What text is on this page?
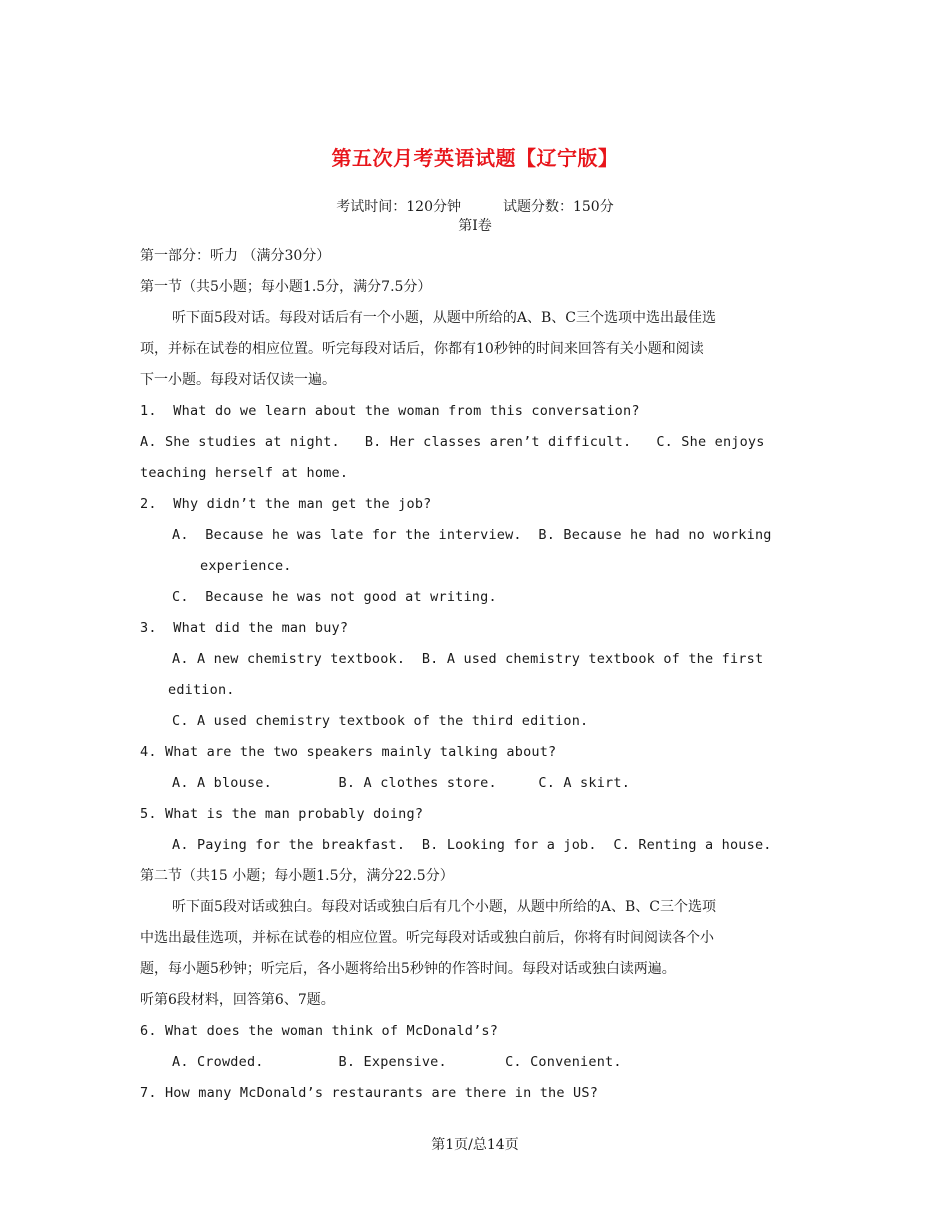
第五次月考英语试题【辽宁版】
考试时间：120分钟　　　试题分数：150分
第Ⅰ卷
第一部分：听力 （满分30分）
第一节（共5小题；每小题1.5分，满分7.5分）
听下面5段对话。每段对话后有一个小题，从题中所给的A、B、C三个选项中选出最佳选
项，并标在试卷的相应位置。听完每段对话后，你都有10秒钟的时间来回答有关小题和阅读
下一小题。每段对话仅读一遍。
1.  What do we learn about the woman from this conversation?
A. She studies at night.   B. Her classes aren’t difficult.   C. She enjoys
teaching herself at home.
2.  Why didn’t the man get the job?
A.  Because he was late for the interview.  B. Because he had no working
experience.
C.  Because he was not good at writing.
3.  What did the man buy?
A. A new chemistry textbook.  B. A used chemistry textbook of the first
edition.
C. A used chemistry textbook of the third edition.
4. What are the two speakers mainly talking about?
A. A blouse.        B. A clothes store.     C. A skirt.
5. What is the man probably doing?
A. Paying for the breakfast.  B. Looking for a job.  C. Renting a house.
第二节（共15 小题；每小题1.5分，满分22.5分）
听下面5段对话或独白。每段对话或独白后有几个小题，从题中所给的A、B、C三个选项
中选出最佳选项，并标在试卷的相应位置。听完每段对话或独白前后，你将有时间阅读各个小
题，每小题5秒钟；听完后，各小题将给出5秒钟的作答时间。每段对话或独白读两遍。
听第6段材料，回答第6、7题。
6. What does the woman think of McDonald’s?
A. Crowded.         B. Expensive.       C. Convenient.
7. How many McDonald’s restaurants are there in the US?
第1页/总14页
